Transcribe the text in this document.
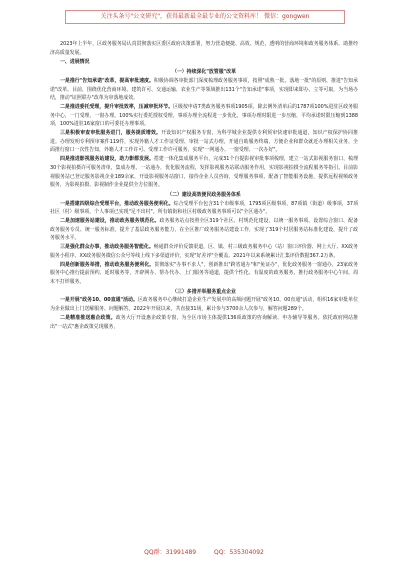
关注头条号"公文研究"，获得最新最全最专业的公文资料库！ 微信：gongwen

2023年上半年，区政务服务局认真贯彻落实区委区政府决策部署，努力营造便捷、高效、规范、透明的营商环境和政务服务体系，助推经济高质量发展。

一、进展情况

（一）持续深化"放管服"改革

一是推行"告知承诺"改革，提高审批速度。积极协调各审批部门深度梳理政务服务事项，按照"成熟一批、落地一批"的原则，推进"告知承诺"改革。目前，围绕优化营商环境、建筑许可、交通运输、农业生产等领域推出131个"告知承诺"事项，实现即来即办、立等可取，为当场办结，推动"证照联办"改革为审落地成效。

二是推进委托受理，提升审批效率，压减审批环节。区级按申请7类政务服务事项1905项，除去例外清单后的1787项100%进驻区政务服务中心，一门受理、一窗办理。100%实行委托授权受理，事项办理全流程进一步优化，事项办理时限进一步压缩，平均承诺时限压缩到1388项，100%进驻16家窗口的可委托办理事项。

三是积极审查审批服务进门，服务提质增效。开设知识产权服务专窗，为科学城企业提供专利预审快速审批通道，知识产权保护协同推进。办理发明专利预审案件119件，实现外籍人才工作证受理、审批一站式办理，开通自助服务终端，方便企业和群众就近办理相关业务，全面推行窗口一次性告知，外籍人才工作许可、受理工作许可服务，实现"一网通办、一窗受理、一次办好"。

四是推进影视服务站建设，助力影都发展。搭建一体化集成服务平台，完成31个自提影视审批事项梳理，建立一站式影视服务窗口，梳理30个影视拍摄许可服务清单，集成办理、一站通办，优化服务流程，发挥影视服务站联动服务作用，实现影视拍摄全流程服务等指引。目前影视服务站已登记服务影视企业189余家，开设影视服务站窗口，接待企业人员咨询，受理服务事项，配备了智能服务设施，提供远程视频政务服务，为影视拍摄、影视制作企业提供全方位服务。

（二）建设高效便民政务服务体系

一是搭建四级综合受理平台，推动政务服务便利化。综合受理平台包含31个市级事项，1795项区级事项，87项镇（街道）级事项，37项社区（村）级事项，个人事项已实现"足不出村"。所有镇街和社区村级政务服务事项可以"全区通办"。

二是加速服务站建设，推动政务服务规范化。政务服务站点按照全区319个社区、村规范化建设，以统一服务事项、设置综合窗口、配备政务服务专员、统一服务标准，提升了基层政务服务能力，在全区推广政务服务站建设工作，实现了319个村居服务站标准化建设，提升了政务服务水平。

三是强化群众办事，推动政务服务智能化。畅通群众评价反馈渠道，区、镇、村三级政务服务中心（站）窗口评价器、网上大厅、XX政务服务小程序、XX政务服务微信公众号等线上线下多渠道评价，实现"好差评"全覆盖。2021年以来系统累计汇集评价数据367.2万条。

四是创新服务举措，推动政务服务便利化。贯彻落实"办事不求人"，创新推出"跨省通办"和"免证办"，优化政务服务一窗通办，23家政务服务中心推行提前预约、延时服务等，开辟网办、帮办代办、上门服务等通道，提供个性化、有温度的政务服务，推行政务服务中心午间、周末不打烊服务。

（三）多措并举服务重点企业

一是开展"政务10、00直通"活动。区政务服务中心继续打造企业生产发展中的高频问题开展"政务10、00直通"活动，组织16家审批单位为企业做出上门送解服务、问题解答。2022年开展以来，共直接31场，累计参与3700余人次参与，解答问题289个。

二是精准推送惠企政策。政务大厅开设惠企政策专窗，为全区市场主体提供136项政策的咨询解读、申办辅导等服务。依托政府网站推出"一站式"惠企政策兑现服务，

QQ群：31991489	QQ：535304092
